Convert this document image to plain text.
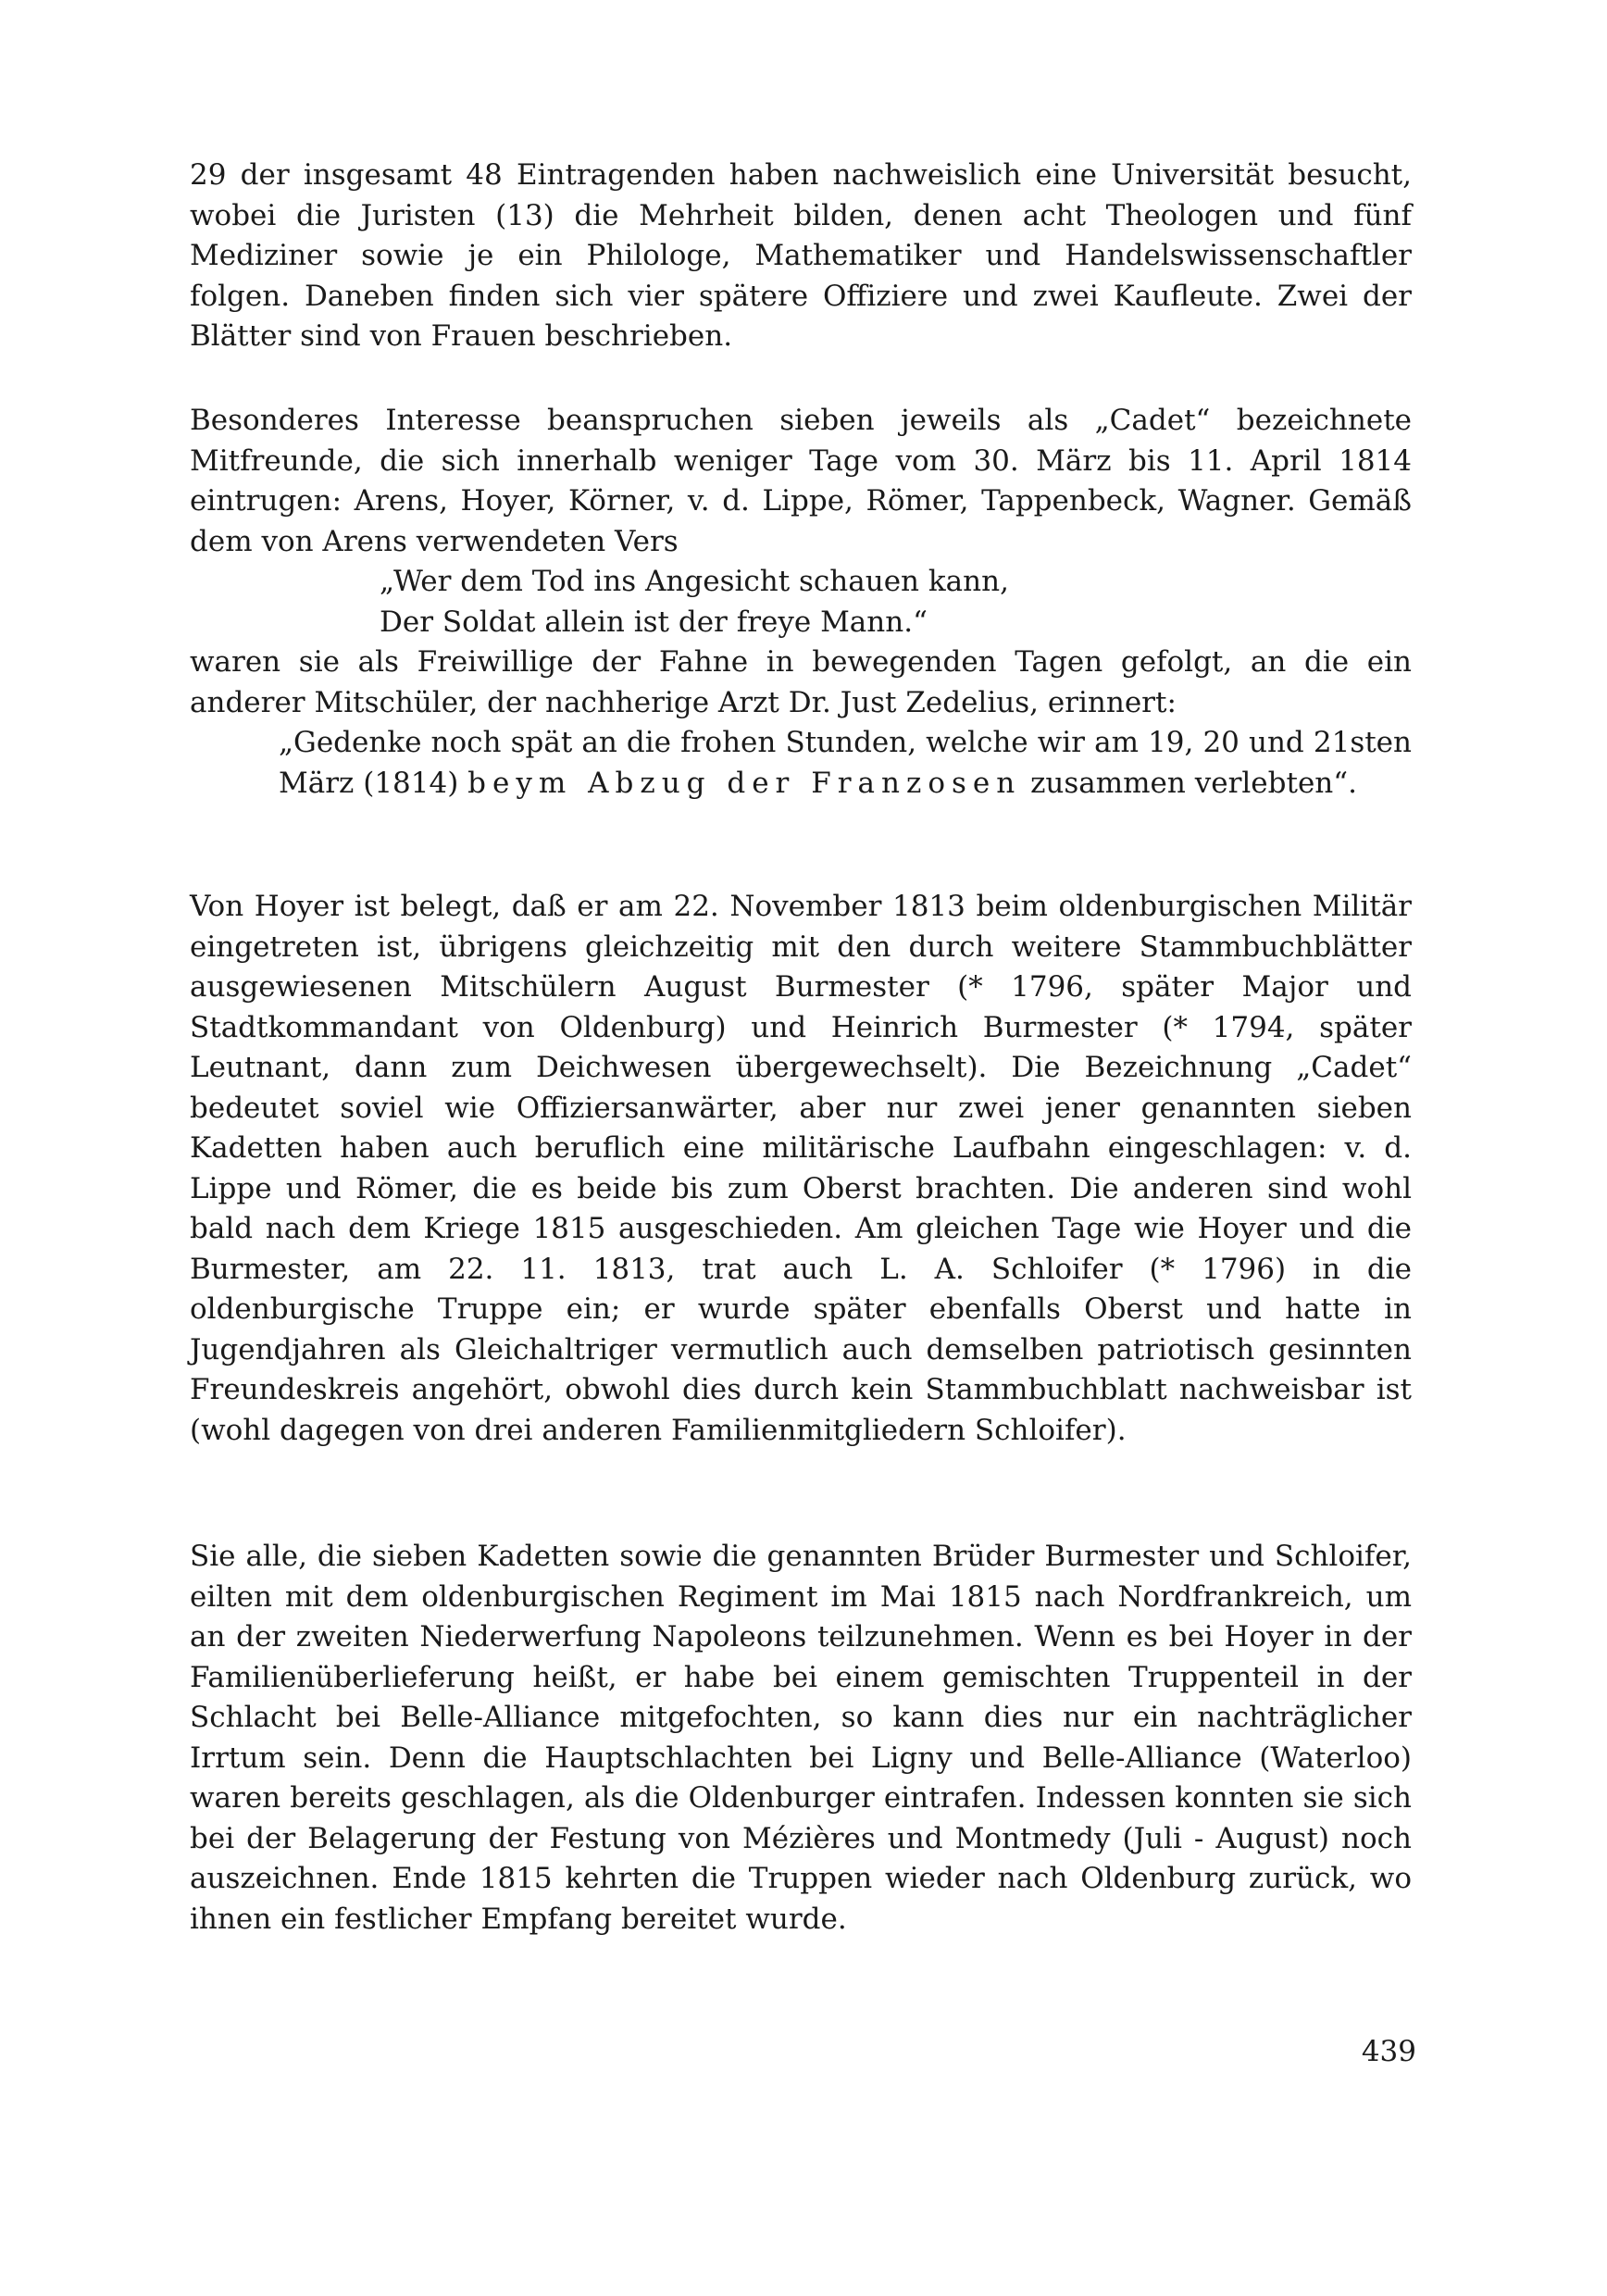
29 der insgesamt 48 Eintragenden haben nachweislich eine Universität besucht, wobei die Juristen (13) die Mehrheit bilden, denen acht Theologen und fünf Mediziner sowie je ein Philologe, Mathematiker und Handelswissenschaftler folgen. Daneben finden sich vier spätere Offiziere und zwei Kaufleute. Zwei der Blätter sind von Frauen beschrieben.

Besonderes Interesse beanspruchen sieben jeweils als „Cadet“ bezeichnete Mitfreunde, die sich innerhalb weniger Tage vom 30. März bis 11. April 1814 eintrugen: Arens, Hoyer, Körner, v. d. Lippe, Römer, Tappenbeck, Wagner. Gemäß dem von Arens verwendeten Vers

„Wer dem Tod ins Angesicht schauen kann,
Der Soldat allein ist der freye Mann.“

waren sie als Freiwillige der Fahne in bewegenden Tagen gefolgt, an die ein anderer Mitschüler, der nachherige Arzt Dr. Just Zedelius, erinnert:

„Gedenke noch spät an die frohen Stunden, welche wir am 19, 20 und 21sten März (1814) beym Abzug der Franzosen zusammen verlebten“.

Von Hoyer ist belegt, daß er am 22. November 1813 beim oldenburgischen Militär eingetreten ist, übrigens gleichzeitig mit den durch weitere Stammbuchblätter ausgewiesenen Mitschülern August Burmester (* 1796, später Major und Stadtkommandant von Oldenburg) und Heinrich Burmester (* 1794, später Leutnant, dann zum Deichwesen übergewechselt). Die Bezeichnung „Cadet“ bedeutet soviel wie Offiziersanwärter, aber nur zwei jener genannten sieben Kadetten haben auch beruflich eine militärische Laufbahn eingeschlagen: v. d. Lippe und Römer, die es beide bis zum Oberst brachten. Die anderen sind wohl bald nach dem Kriege 1815 ausgeschieden. Am gleichen Tage wie Hoyer und die Burmester, am 22. 11. 1813, trat auch L. A. Schloifer (* 1796) in die oldenburgische Truppe ein; er wurde später ebenfalls Oberst und hatte in Jugendjahren als Gleichaltriger vermutlich auch demselben patriotisch gesinnten Freundeskreis angehört, obwohl dies durch kein Stammbuchblatt nachweisbar ist (wohl dagegen von drei anderen Familienmitgliedern Schloifer).

Sie alle, die sieben Kadetten sowie die genannten Brüder Burmester und Schloifer, eilten mit dem oldenburgischen Regiment im Mai 1815 nach Nordfrankreich, um an der zweiten Niederwerfung Napoleons teilzunehmen. Wenn es bei Hoyer in der Familienüberlieferung heißt, er habe bei einem gemischten Truppenteil in der Schlacht bei Belle-Alliance mitgefochten, so kann dies nur ein nachträglicher Irrtum sein. Denn die Hauptschlachten bei Ligny und Belle-Alliance (Waterloo) waren bereits geschlagen, als die Oldenburger eintrafen. Indessen konnten sie sich bei der Belagerung der Festung von Mézières und Montmedy (Juli - August) noch auszeichnen. Ende 1815 kehrten die Truppen wieder nach Oldenburg zurück, wo ihnen ein festlicher Empfang bereitet wurde.

439
